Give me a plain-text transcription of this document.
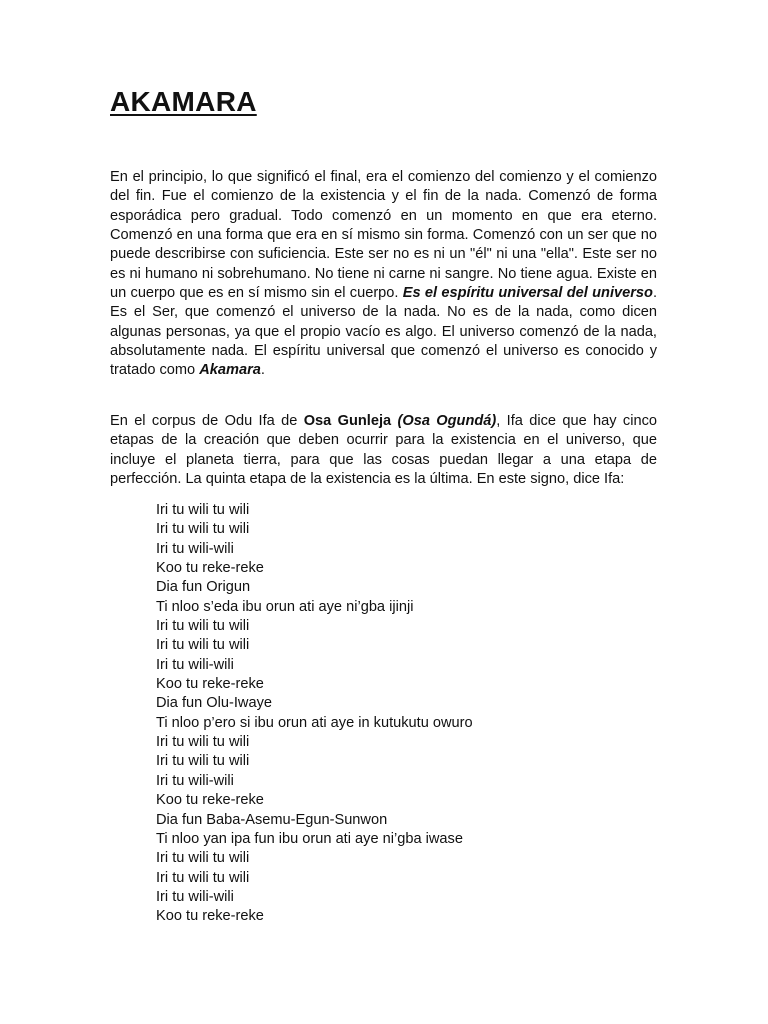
AKAMARA

En el principio, lo que significó el final, era el comienzo del comienzo y el comienzo del fin. Fue el comienzo de la existencia y el fin de la nada. Comenzó de forma esporádica pero gradual. Todo comenzó en un momento en que era eterno. Comenzó en una forma que era en sí mismo sin forma. Comenzó con un ser que no puede describirse con suficiencia. Este ser no es ni un "él" ni una "ella". Este ser no es ni humano ni sobrehumano. No tiene ni carne ni sangre. No tiene agua. Existe en un cuerpo que es en sí mismo sin el cuerpo. Es el espíritu universal del universo. Es el Ser, que comenzó el universo de la nada. No es de la nada, como dicen algunas personas, ya que el propio vacío es algo. El universo comenzó de la nada, absolutamente nada. El espíritu universal que comenzó el universo es conocido y tratado como Akamara.

En el corpus de Odu Ifa de Osa Gunleja (Osa Ogundá), Ifa dice que hay cinco etapas de la creación que deben ocurrir para la existencia en el universo, que incluye el planeta tierra, para que las cosas puedan llegar a una etapa de perfección. La quinta etapa de la existencia es la última. En este signo, dice Ifa:

Iri tu wili tu wili
Iri tu wili tu wili
Iri tu wili-wili
Koo tu reke-reke
Dia fun Origun
Ti nloo s’eda ibu orun ati aye ni’gba ijinji
Iri tu wili tu wili
Iri tu wili tu wili
Iri tu wili-wili
Koo tu reke-reke
Dia fun Olu-Iwaye
Ti nloo p’ero si ibu orun ati aye in kutukutu owuro
Iri tu wili tu wili
Iri tu wili tu wili
Iri tu wili-wili
Koo tu reke-reke
Dia fun Baba-Asemu-Egun-Sunwon
Ti nloo yan ipa fun ibu orun ati aye ni’gba iwase
Iri tu wili tu wili
Iri tu wili tu wili
Iri tu wili-wili
Koo tu reke-reke
